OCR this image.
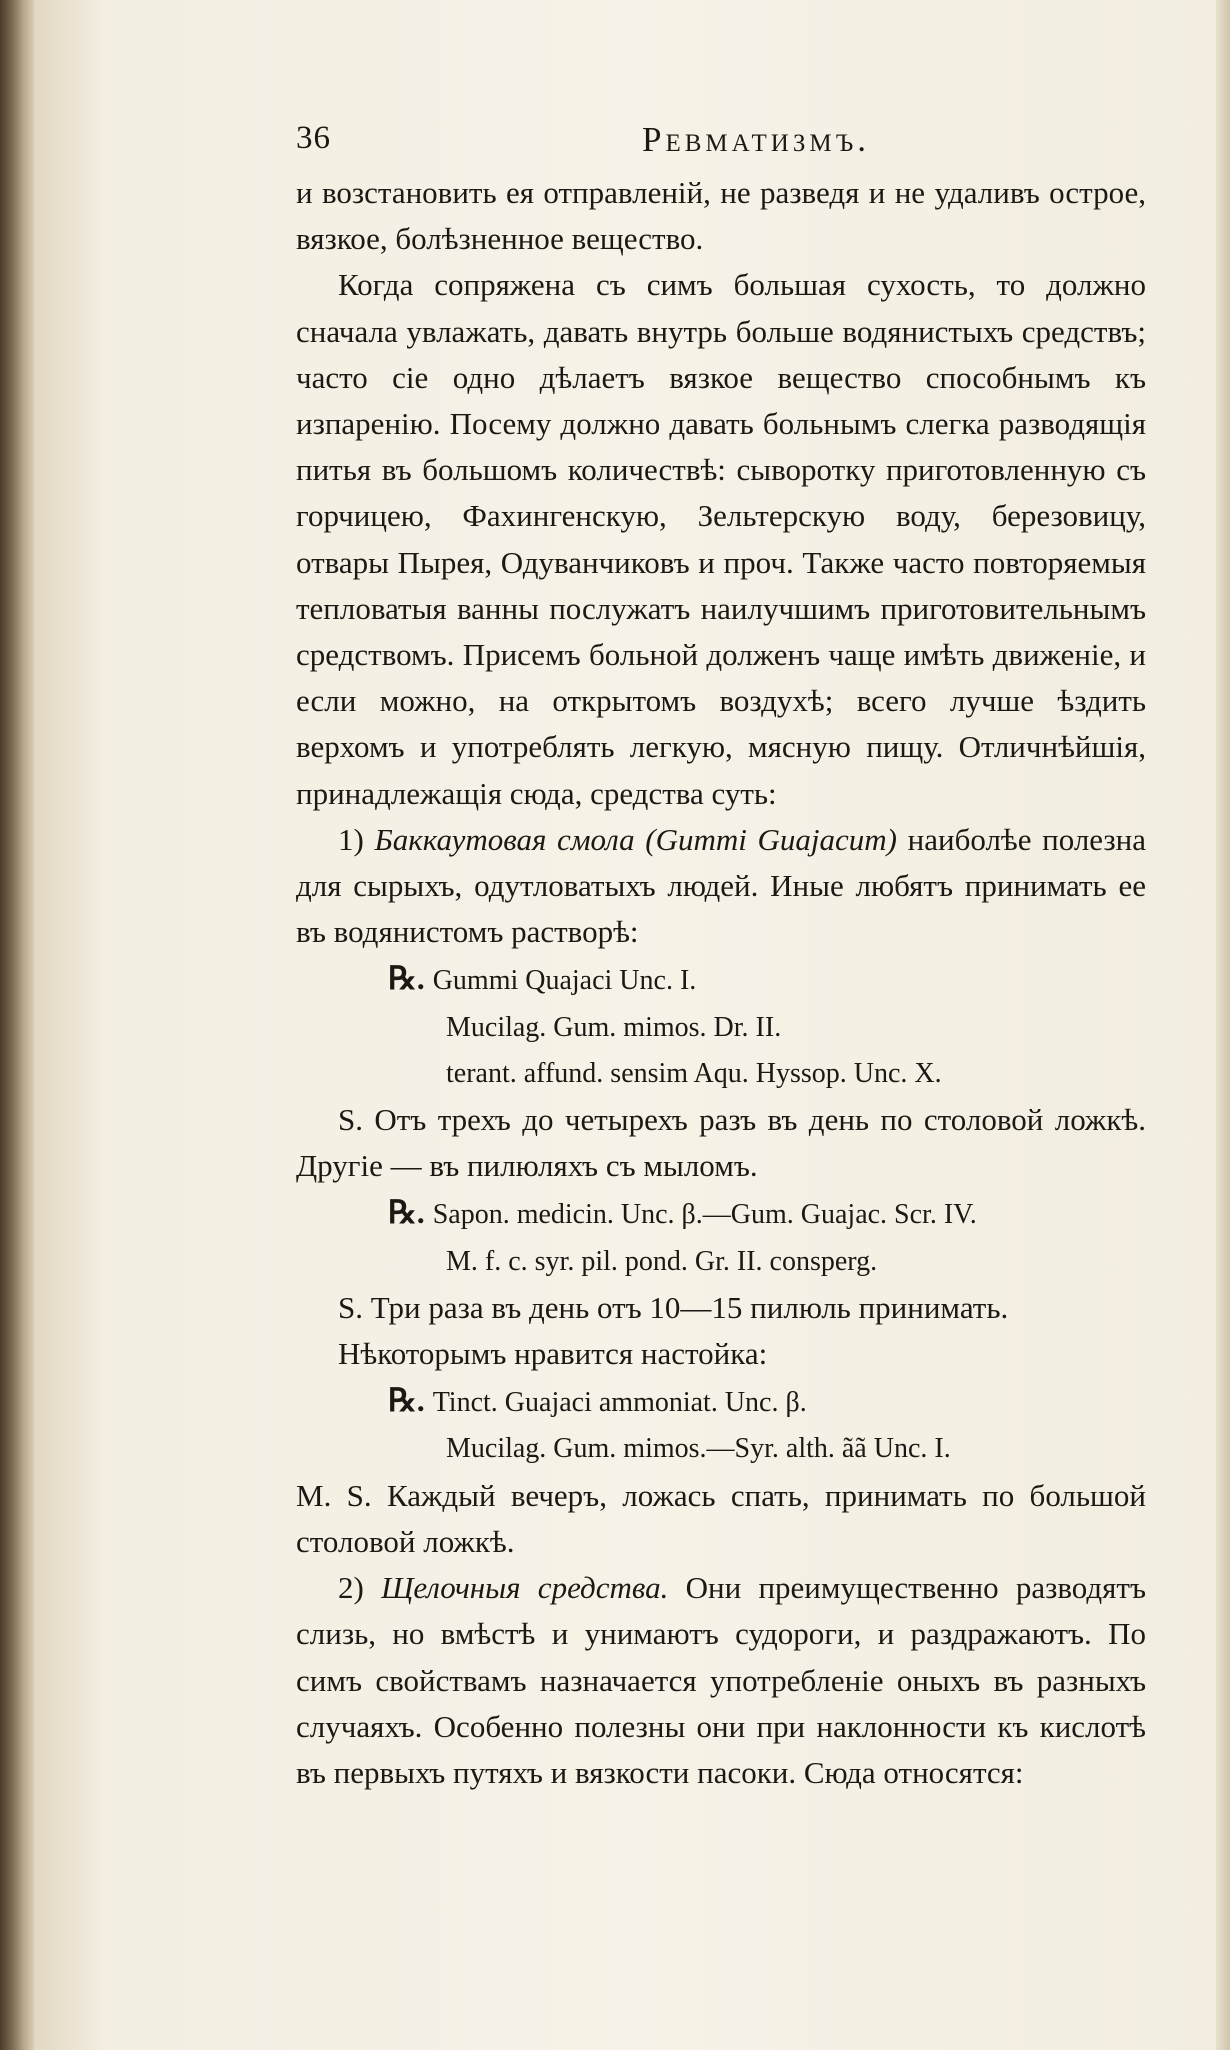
36	Ревматизмъ.

и возстановить ея отправленій, не разведя и не удаливъ острое, вязкое, болѣзненное вещество.

Когда сопряжена съ симъ большая сухость, то должно сначала увлажать, давать внутрь больше водянистыхъ средствъ; часто сіе одно дѣлаетъ вязкое вещество способнымъ къ изпаренію. Посему должно давать больнымъ слегка разводящія питья въ большомъ количествѣ: сыворотку приготовленную съ горчицею, Фахингенскую, Зельтерскую воду, березовицу, отвары Пырея, Одуванчиковъ и проч. Также часто повторяемыя тепловатыя ванны послужатъ наилучшимъ приготовительнымъ средствомъ. Присемъ больной долженъ чаще имѣть движеніе, и если можно, на открытомъ воздухѣ; всего лучше ѣздить верхомъ и употреблять легкую, мясную пищу. Отличнѣйшія, принадлежащія сюда, средства суть:

1) Баккаутовая смола (Gummi Guajacum) наиболѣе полезна для сырыхъ, одутловатыхъ людей. Иные любятъ принимать ее въ водянистомъ растворѣ:

℞. Gummi Quajaci Unc. I.

Mucilag. Gum. mimos. Dr. II.

terant. affund. sensim Aqu. Hyssop. Unc. X.

S. Отъ трехъ до четырехъ разъ въ день по столовой ложкѣ. Другіе — въ пилюляхъ съ мыломъ.

℞. Sapon. medicin. Unc. β.—Gum. Guajac. Scr. IV.

M. f. c. syr. pil. pond. Gr. II. consperg.

S. Три раза въ день отъ 10—15 пилюль принимать.

Нѣкоторымъ нравится настойка:

℞. Tinct. Guajaci ammoniat. Unc. β.

Mucilag. Gum. mimos.—Syr. alth. ãã Unc. I.

M. S. Каждый вечеръ, ложась спать, принимать по большой столовой ложкѣ.

2) Щелочныя средства. Они преимущественно разводятъ слизь, но вмѣстѣ и унимаютъ судороги, и раздражаютъ. По симъ свойствамъ назначается употребленіе оныхъ въ разныхъ случаяхъ. Особенно полезны они при наклонности къ кислотѣ въ первыхъ путяхъ и вязкости пасоки. Сюда относятся:
